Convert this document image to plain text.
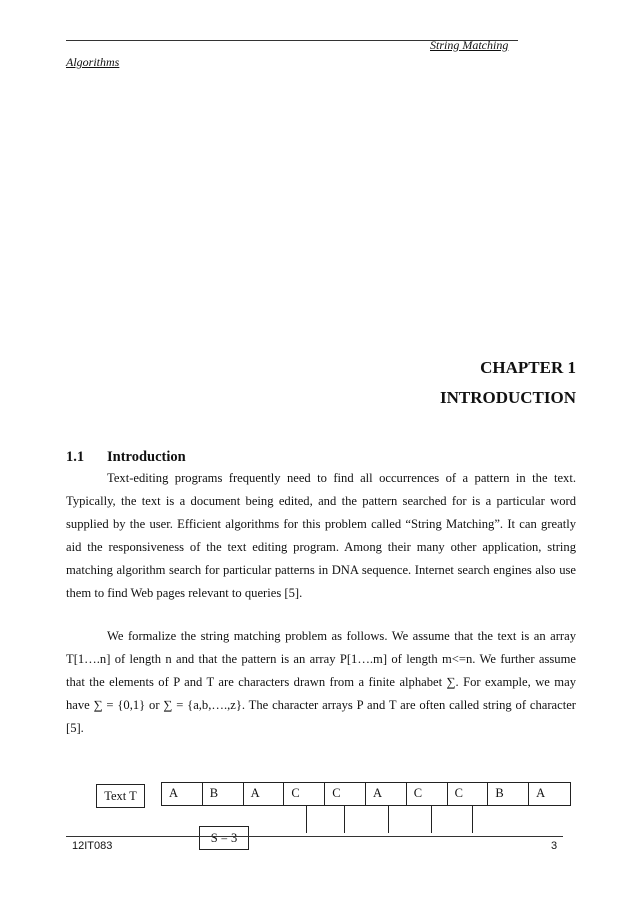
String Matching
Algorithms
CHAPTER 1
INTRODUCTION
1.1 Introduction

Text-editing programs frequently need to find all occurrences of a pattern in the text. Typically, the text is a document being edited, and the pattern searched for is a particular word supplied by the user. Efficient algorithms for this problem called “String Matching”. It can greatly aid the responsiveness of the text editing program. Among their many other application, string matching algorithm search for particular patterns in DNA sequence. Internet search engines also use them to find Web pages relevant to queries [5].

We formalize the string matching problem as follows. We assume that the text is an array T[1….n] of length n and that the pattern is an array P[1….m] of length m<=n. We further assume that the elements of P and T are characters drawn from a finite alphabet ∑. For example, we may have ∑ = {0,1} or ∑ = {a,b,….,z}. The character arrays P and T are often called string of character [5].

Text T	A	B	A	C	C	A	C	C	B	A
S = 3
12IT083	3
